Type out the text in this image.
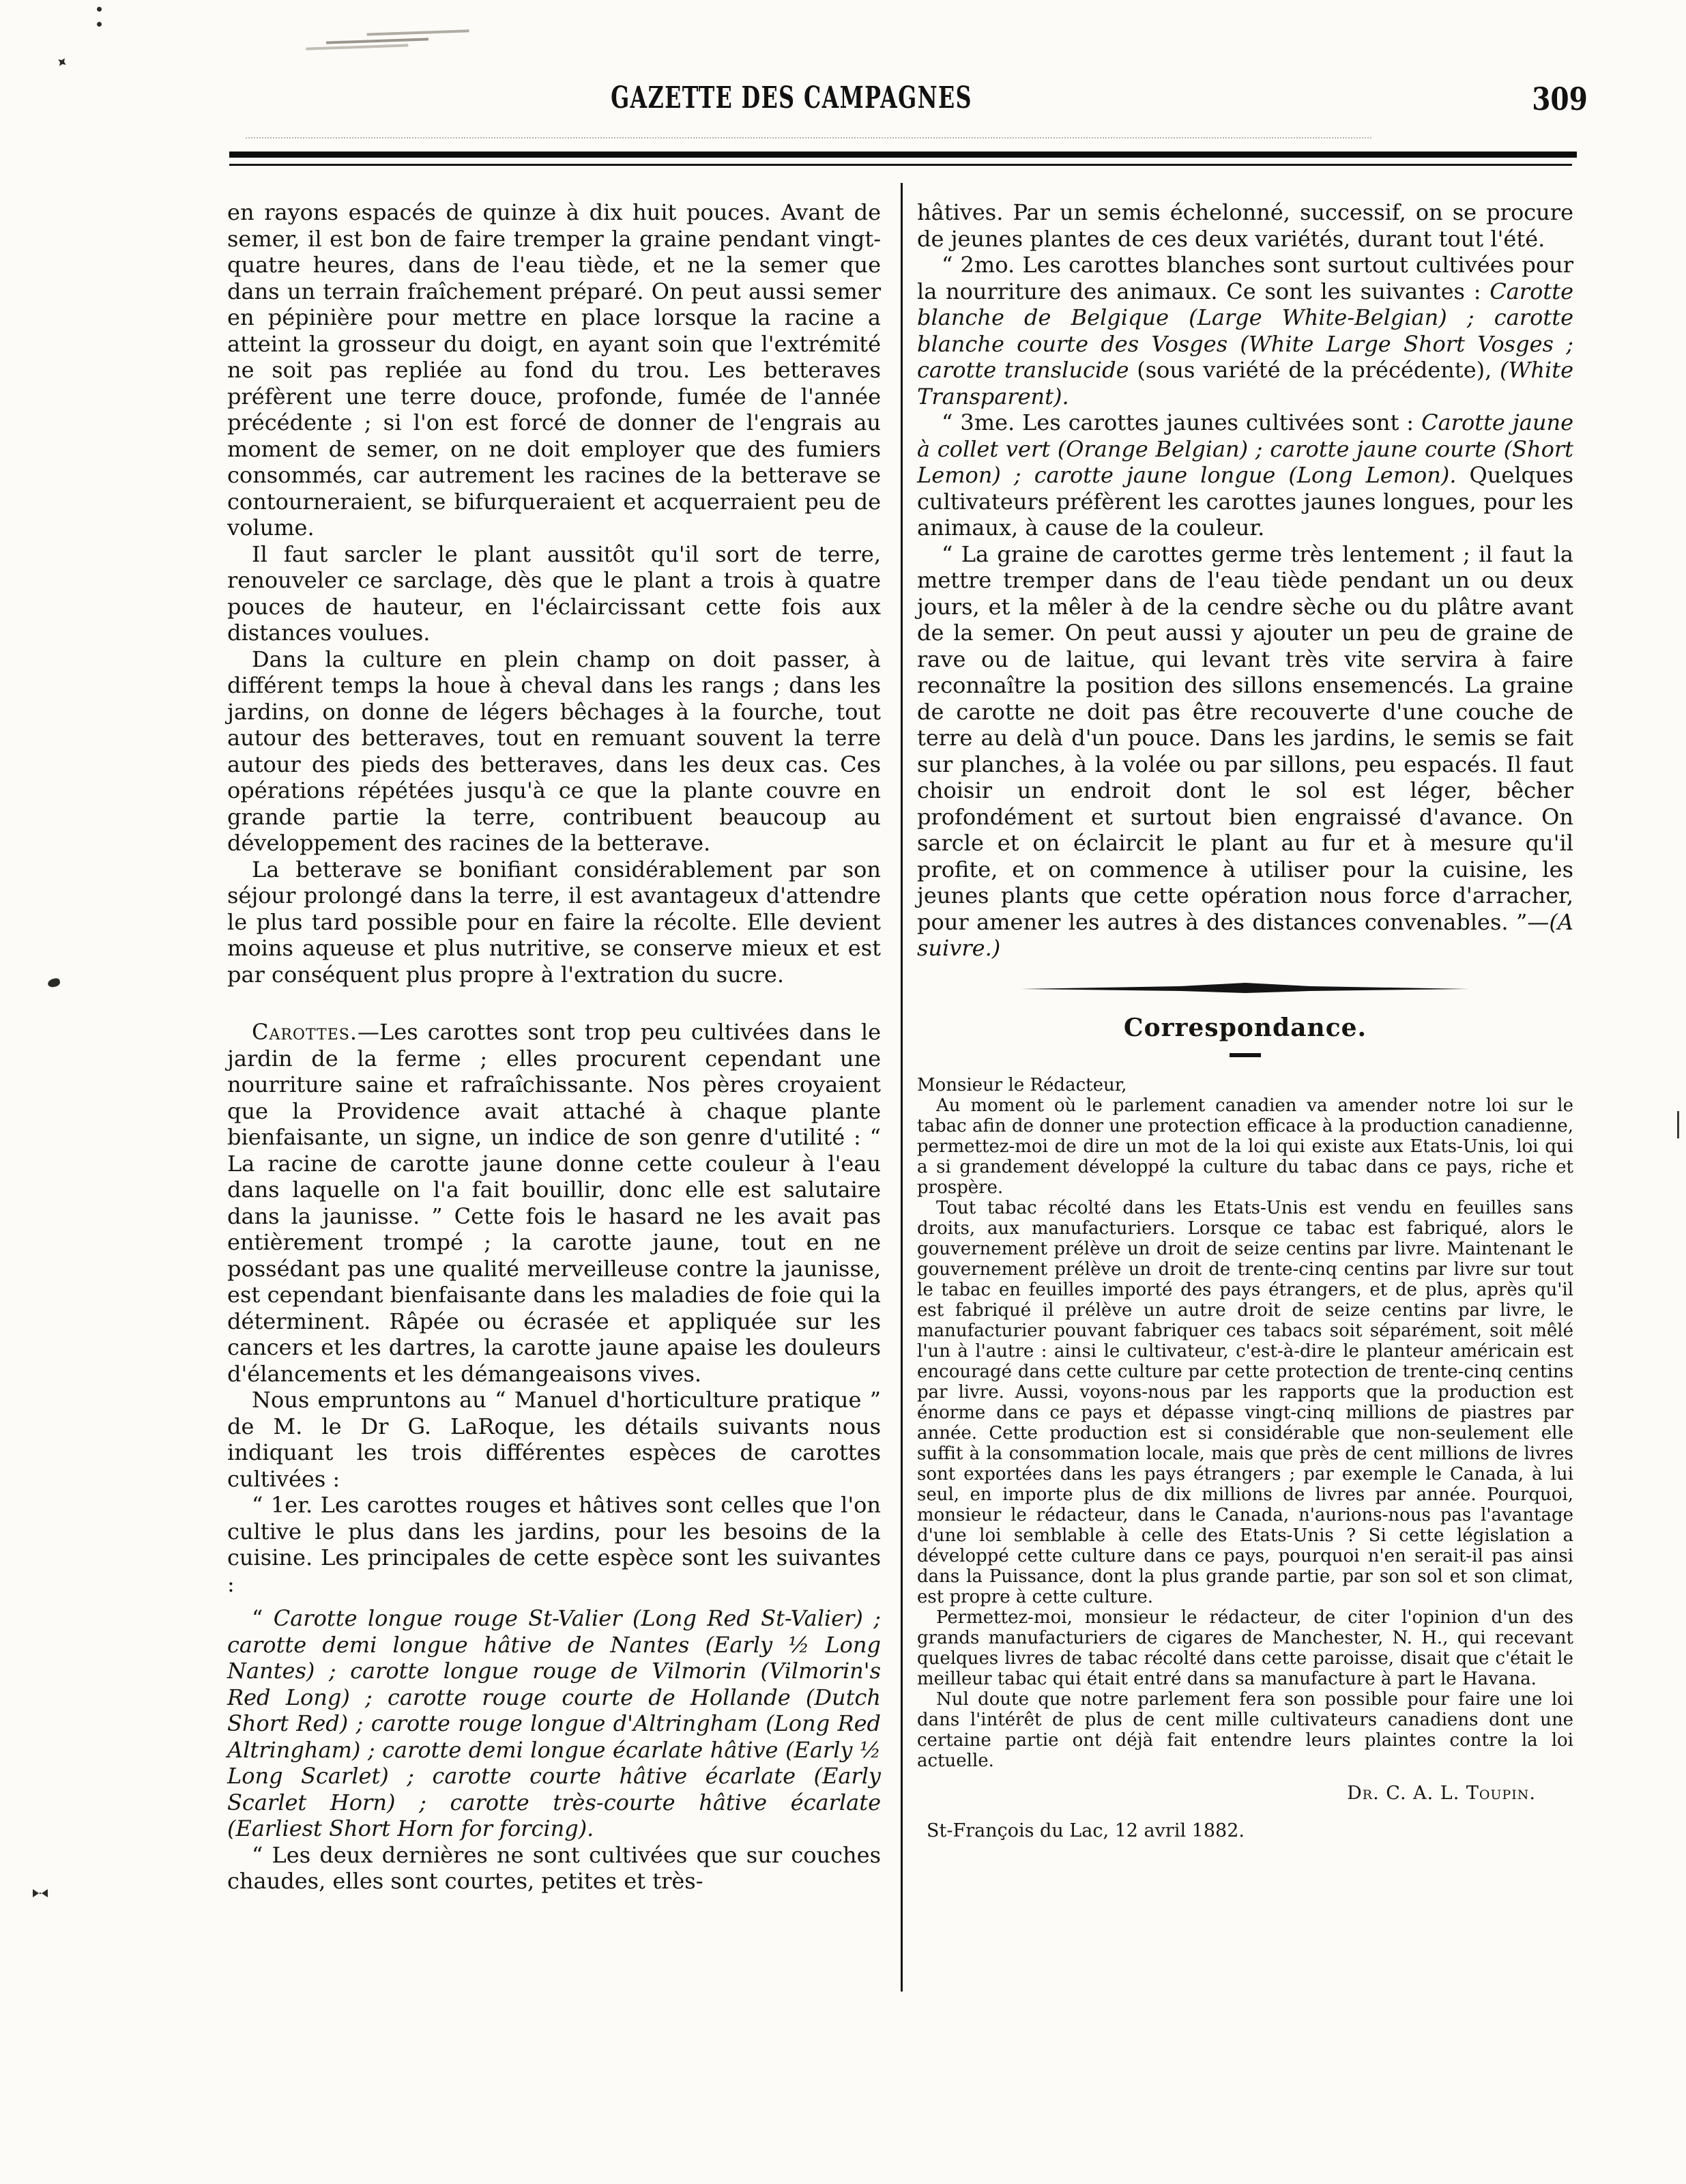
GAZETTE DES CAMPAGNES	309
en rayons espacés de quinze à dix huit pouces. Avant de semer, il est bon de faire tremper la graine pendant vingt-quatre heures, dans de l'eau tiède, et ne la semer que dans un terrain fraîchement préparé. On peut aussi semer en pépinière pour mettre en place lorsque la racine a atteint la grosseur du doigt, en ayant soin que l'extrémité ne soit pas repliée au fond du trou. Les betteraves préfèrent une terre douce, profonde, fumée de l'année précédente ; si l'on est forcé de donner de l'engrais au moment de semer, on ne doit employer que des fumiers consommés, car autrement les racines de la betterave se contourneraient, se bifurqueraient et acquerraient peu de volume.
Il faut sarcler le plant aussitôt qu'il sort de terre, renouveler ce sarclage, dès que le plant a trois à quatre pouces de hauteur, en l'éclaircissant cette fois aux distances voulues.
Dans la culture en plein champ on doit passer, à différent temps la houe à cheval dans les rangs ; dans les jardins, on donne de légers bêchages à la fourche, tout autour des betteraves, tout en remuant souvent la terre autour des pieds des betteraves, dans les deux cas. Ces opérations répétées jusqu'à ce que la plante couvre en grande partie la terre, contribuent beaucoup au développement des racines de la betterave.
La betterave se bonifiant considérablement par son séjour prolongé dans la terre, il est avantageux d'attendre le plus tard possible pour en faire la récolte. Elle devient moins aqueuse et plus nutritive, se conserve mieux et est par conséquent plus propre à l'extration du sucre.
Carottes.—Les carottes sont trop peu cultivées dans le jardin de la ferme ; elles procurent cependant une nourriture saine et rafraîchissante. Nos pères croyaient que la Providence avait attaché à chaque plante bienfaisante, un signe, un indice de son genre d'utilité : “ La racine de carotte jaune donne cette couleur à l'eau dans laquelle on l'a fait bouillir, donc elle est salutaire dans la jaunisse. ” Cette fois le hasard ne les avait pas entièrement trompé ; la carotte jaune, tout en ne possédant pas une qualité merveilleuse contre la jaunisse, est cependant bienfaisante dans les maladies de foie qui la déterminent. Râpée ou écrasée et appliquée sur les cancers et les dartres, la carotte jaune apaise les douleurs d'élancements et les démangeaisons vives.
Nous empruntons au “ Manuel d'horticulture pratique ” de M. le Dr G. LaRoque, les détails suivants nous indiquant les trois différentes espèces de carottes cultivées :
“ 1er. Les carottes rouges et hâtives sont celles que l'on cultive le plus dans les jardins, pour les besoins de la cuisine. Les principales de cette espèce sont les suivantes :
“ Carotte longue rouge St-Valier (Long Red St-Valier) ; carotte demi longue hâtive de Nantes (Early ½ Long Nantes) ; carotte longue rouge de Vilmorin (Vilmorin's Red Long) ; carotte rouge courte de Hollande (Dutch Short Red) ; carotte rouge longue d'Altringham (Long Red Altringham) ; carotte demi longue écarlate hâtive (Early ½ Long Scarlet) ; carotte courte hâtive écarlate (Early Scarlet Horn) ; carotte très-courte hâtive écarlate (Earliest Short Horn for forcing).
“ Les deux dernières ne sont cultivées que sur couches chaudes, elles sont courtes, petites et très-
hâtives. Par un semis échelonné, successif, on se procure de jeunes plantes de ces deux variétés, durant tout l'été.
“ 2mo. Les carottes blanches sont surtout cultivées pour la nourriture des animaux. Ce sont les suivantes : Carotte blanche de Belgique (Large White-Belgian) ; carotte blanche courte des Vosges (White Large Short Vosges ; carotte translucide (sous variété de la précédente), (White Transparent).
“ 3me. Les carottes jaunes cultivées sont : Carotte jaune à collet vert (Orange Belgian) ; carotte jaune courte (Short Lemon) ; carotte jaune longue (Long Lemon). Quelques cultivateurs préfèrent les carottes jaunes longues, pour les animaux, à cause de la couleur.
“ La graine de carottes germe très lentement ; il faut la mettre tremper dans de l'eau tiède pendant un ou deux jours, et la mêler à de la cendre sèche ou du plâtre avant de la semer. On peut aussi y ajouter un peu de graine de rave ou de laitue, qui levant très vite servira à faire reconnaître la position des sillons ensemencés. La graine de carotte ne doit pas être recouverte d'une couche de terre au delà d'un pouce. Dans les jardins, le semis se fait sur planches, à la volée ou par sillons, peu espacés. Il faut choisir un endroit dont le sol est léger, bêcher profondément et surtout bien engraissé d'avance. On sarcle et on éclaircit le plant au fur et à mesure qu'il profite, et on commence à utiliser pour la cuisine, les jeunes plants que cette opération nous force d'arracher, pour amener les autres à des distances convenables. ”—(A suivre.)
Correspondance.
Monsieur le Rédacteur,
Au moment où le parlement canadien va amender notre loi sur le tabac afin de donner une protection efficace à la production canadienne, permettez-moi de dire un mot de la loi qui existe aux Etats-Unis, loi qui a si grandement développé la culture du tabac dans ce pays, riche et prospère.
Tout tabac récolté dans les Etats-Unis est vendu en feuilles sans droits, aux manufacturiers. Lorsque ce tabac est fabriqué, alors le gouvernement prélève un droit de seize centins par livre. Maintenant le gouvernement prélève un droit de trente-cinq centins par livre sur tout le tabac en feuilles importé des pays étrangers, et de plus, après qu'il est fabriqué il prélève un autre droit de seize centins par livre, le manufacturier pouvant fabriquer ces tabacs soit séparément, soit mêlé l'un à l'autre : ainsi le cultivateur, c'est-à-dire le planteur américain est encouragé dans cette culture par cette protection de trente-cinq centins par livre. Aussi, voyons-nous par les rapports que la production est énorme dans ce pays et dépasse vingt-cinq millions de piastres par année. Cette production est si considérable que non-seulement elle suffit à la consommation locale, mais que près de cent millions de livres sont exportées dans les pays étrangers ; par exemple le Canada, à lui seul, en importe plus de dix millions de livres par année. Pourquoi, monsieur le rédacteur, dans le Canada, n'aurions-nous pas l'avantage d'une loi semblable à celle des Etats-Unis ? Si cette législation a développé cette culture dans ce pays, pourquoi n'en serait-il pas ainsi dans la Puissance, dont la plus grande partie, par son sol et son climat, est propre à cette culture.
Permettez-moi, monsieur le rédacteur, de citer l'opinion d'un des grands manufacturiers de cigares de Manchester, N. H., qui recevant quelques livres de tabac récolté dans cette paroisse, disait que c'était le meilleur tabac qui était entré dans sa manufacture à part le Havana.
Nul doute que notre parlement fera son possible pour faire une loi dans l'intérêt de plus de cent mille cultivateurs canadiens dont une certaine partie ont déjà fait entendre leurs plaintes contre la loi actuelle.
Dr. C. A. L. Toupin.
St-François du Lac, 12 avril 1882.
